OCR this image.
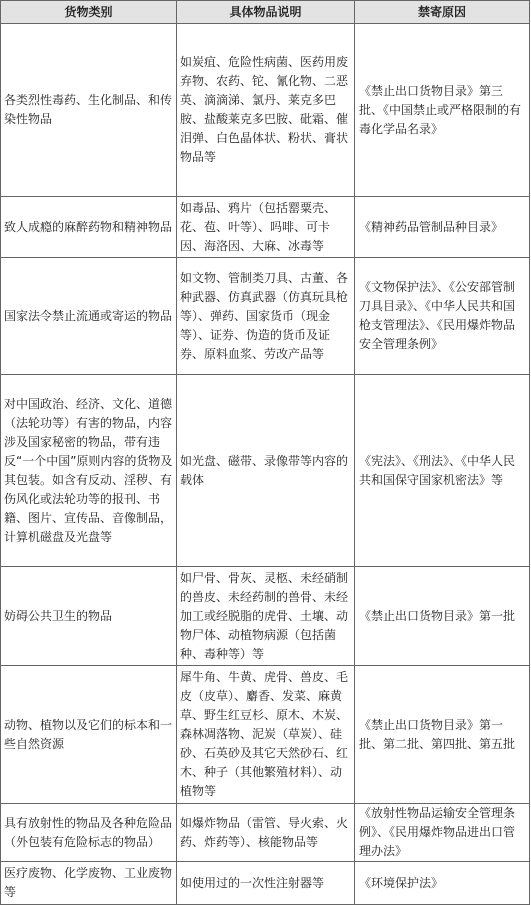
货物类别	具体物品说明	禁寄原因
各类烈性毒药、生化制品、和传染性物品	如炭疽、危险性病菌、医药用废弃物、农药、铊、氰化物、二恶英、滴滴涕、氯丹、莱克多巴胺、盐酸莱克多巴胺、砒霜、催泪弹、白色晶体状、粉状、膏状物品等	《禁止出口货物目录》第三批、《中国禁止或严格限制的有毒化学品名录》
致人成瘾的麻醉药物和精神物品	如毒品、鸦片（包括罂粟壳、花、苞、叶等）、吗啡、可卡因、海洛因、大麻、冰毒等	《精神药品管制品种目录》
国家法令禁止流通或寄运的物品	如文物、管制类刀具、古董、各种武器、仿真武器（仿真玩具枪等）、弹药、国家货币（现金等）、证券、伪造的货币及证券、原料血浆、劳改产品等	《文物保护法》、《公安部管制刀具目录》、《中华人民共和国枪支管理法》、《民用爆炸物品安全管理条例》
对中国政治、经济、文化、道德（法轮功等）有害的物品，内容涉及国家秘密的物品，带有违反“一个中国”原则内容的货物及其包装。如含有反动、淫秽、有伤风化或法轮功等的报刊、书籍、图片、宣传品、音像制品，计算机磁盘及光盘等	如光盘、磁带、录像带等内容的载体	《宪法》、《刑法》、《中华人民共和国保守国家机密法》等
妨碍公共卫生的物品	如尸骨、骨灰、灵柩、未经硝制的兽皮、未经药制的兽骨、未经加工或经脱脂的虎骨、土壤、动物尸体、动植物病源（包括菌种、毒种等）等	《禁止出口货物目录》第一批
动物、植物以及它们的标本和一些自然资源	犀牛角、牛黄、虎骨、兽皮、毛皮（皮草）、麝香、发菜、麻黄草、野生红豆杉、原木、木炭、森林凋落物、泥炭（草炭）、硅砂、石英砂及其它天然砂石、红木、种子（其他繁殖材料）、动植物等	《禁止出口货物目录》第一批、第二批、第四批、第五批
具有放射性的物品及各种危险品（外包装有危险标志的物品）	如爆炸物品（雷管、导火索、火药、炸药等）、核能物品等	《放射性物品运输安全管理条例》、《民用爆炸物品进出口管理办法》
医疗废物、化学废物、工业废物等	如使用过的一次性注射器等	《环境保护法》
